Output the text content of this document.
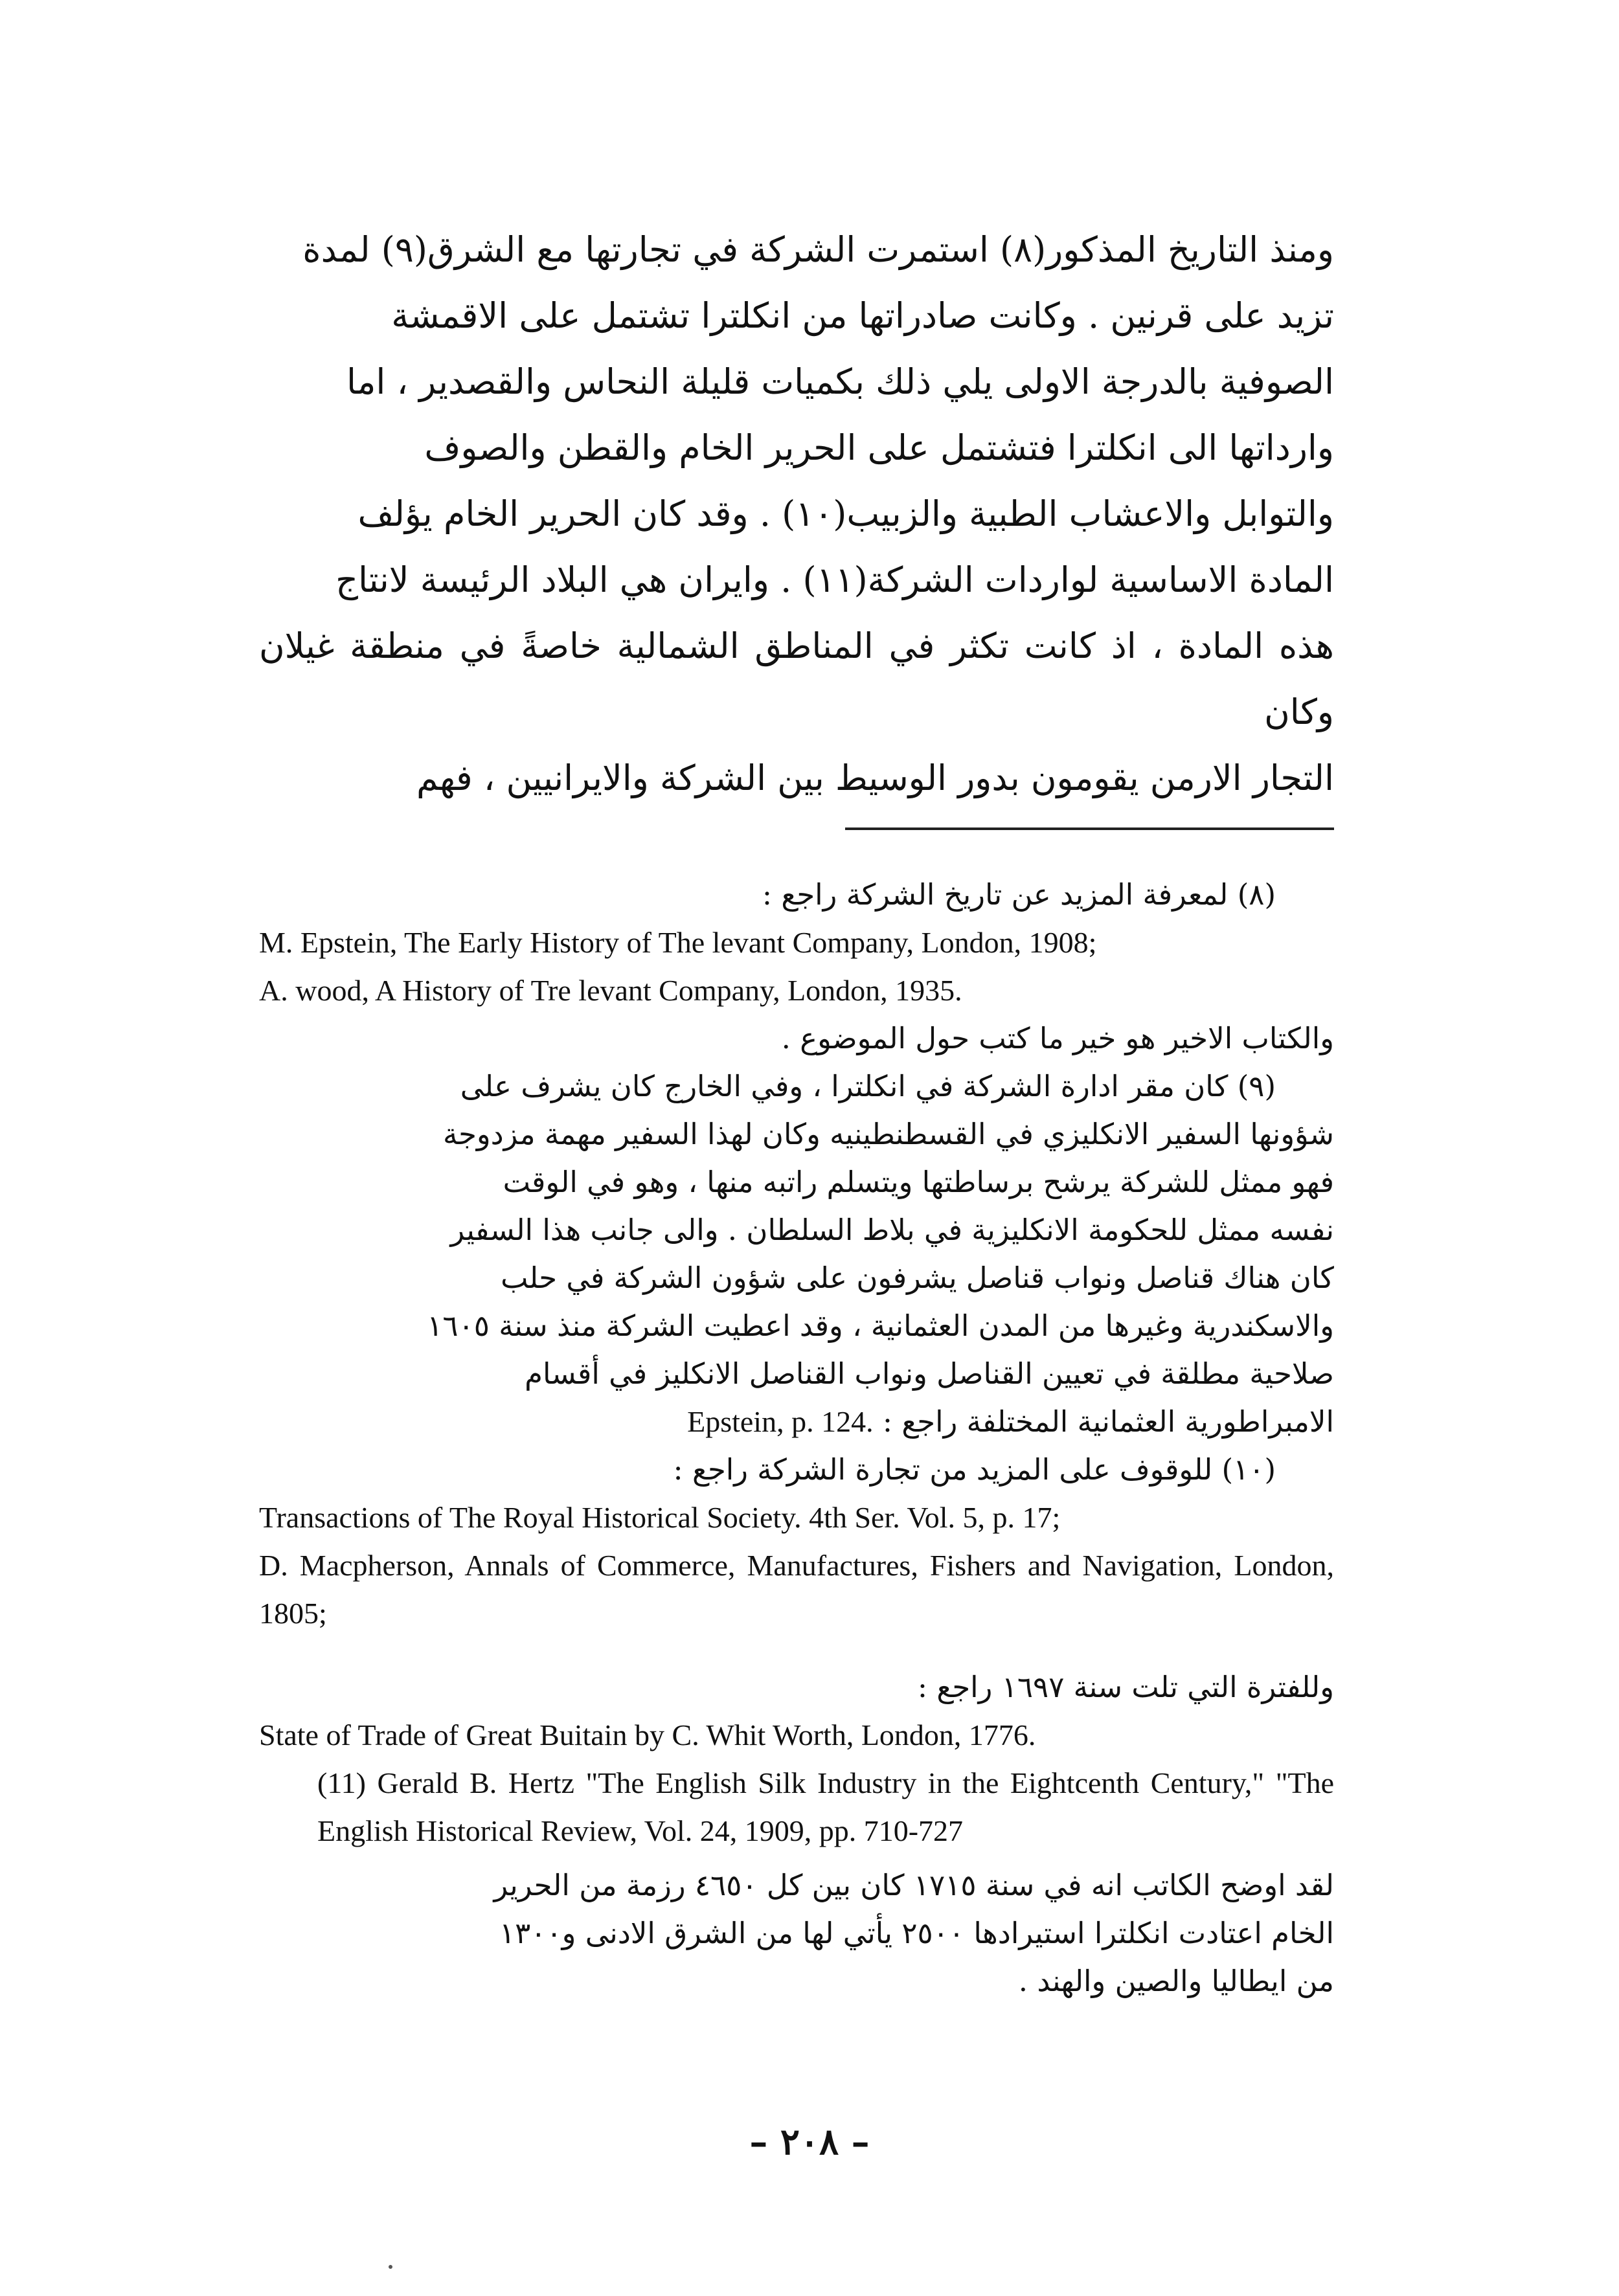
ومنذ التاريخ المذكور(٨) استمرت الشركة في تجارتها مع الشرق(٩) لمدة

تزيد على قرنين . وكانت صادراتها من انكلترا تشتمل على الاقمشة

الصوفية بالدرجة الاولى يلي ذلك بكميات قليلة النحاس والقصدير ، اما

وارداتها الى انكلترا فتشتمل على الحرير الخام والقطن والصوف

والتوابل والاعشاب الطبية والزبيب(١٠) . وقد كان الحرير الخام يؤلف

المادة الاساسية لواردات الشركة(١١) . وايران هي البلاد الرئيسة لانتاج

هذه المادة ، اذ كانت تكثر في المناطق الشمالية خاصةً في منطقة غيلان وكان

التجار الارمن يقومون بدور الوسيط بين الشركة والايرانيين ، فهم

(٨) لمعرفة المزيد عن تاريخ الشركة راجع :

M. Epstein, The Early History of The levant Company, London, 1908;

A. wood, A History of Tre levant Company, London, 1935.

والكتاب الاخير هو خير ما كتب حول الموضوع .

(٩) كان مقر ادارة الشركة في انكلترا ، وفي الخارج كان يشرف على

شؤونها السفير الانكليزي في القسطنطينيه وكان لهذا السفير مهمة مزدوجة

فهو ممثل للشركة يرشح برساطتها ويتسلم راتبه منها ، وهو في الوقت

نفسه ممثل للحكومة الانكليزية في بلاط السلطان . والى جانب هذا السفير

كان هناك قناصل ونواب قناصل يشرفون على شؤون الشركة في حلب

والاسكندرية وغيرها من المدن العثمانية ، وقد اعطيت الشركة منذ سنة ١٦٠٥

صلاحية مطلقة في تعيين القناصل ونواب القناصل الانكليز في أقسام

الامبراطورية العثمانية المختلفة راجع : Epstein, p. 124.

(١٠) للوقوف على المزيد من تجارة الشركة راجع :

Transactions of The Royal Historical Society. 4th Ser. Vol. 5, p. 17;

D. Macpherson, Annals of Commerce, Manufactures, Fishers and Navigation, London, 1805;

وللفترة التي تلت سنة ١٦٩٧ راجع :

State of Trade of Great Buitain by C. Whit Worth, London, 1776.

(11) Gerald B. Hertz "The English Silk Industry in the Eightcenth Century," "The English Historical Review, Vol. 24, 1909, pp. 710-727

لقد اوضح الكاتب انه في سنة ١٧١٥ كان بين كل ٤٦٥٠ رزمة من الحرير

الخام اعتادت انكلترا استيرادها ٢٥٠٠ يأتي لها من الشرق الادنى و١٣٠٠

من ايطاليا والصين والهند .

– ٢٠٨ –
